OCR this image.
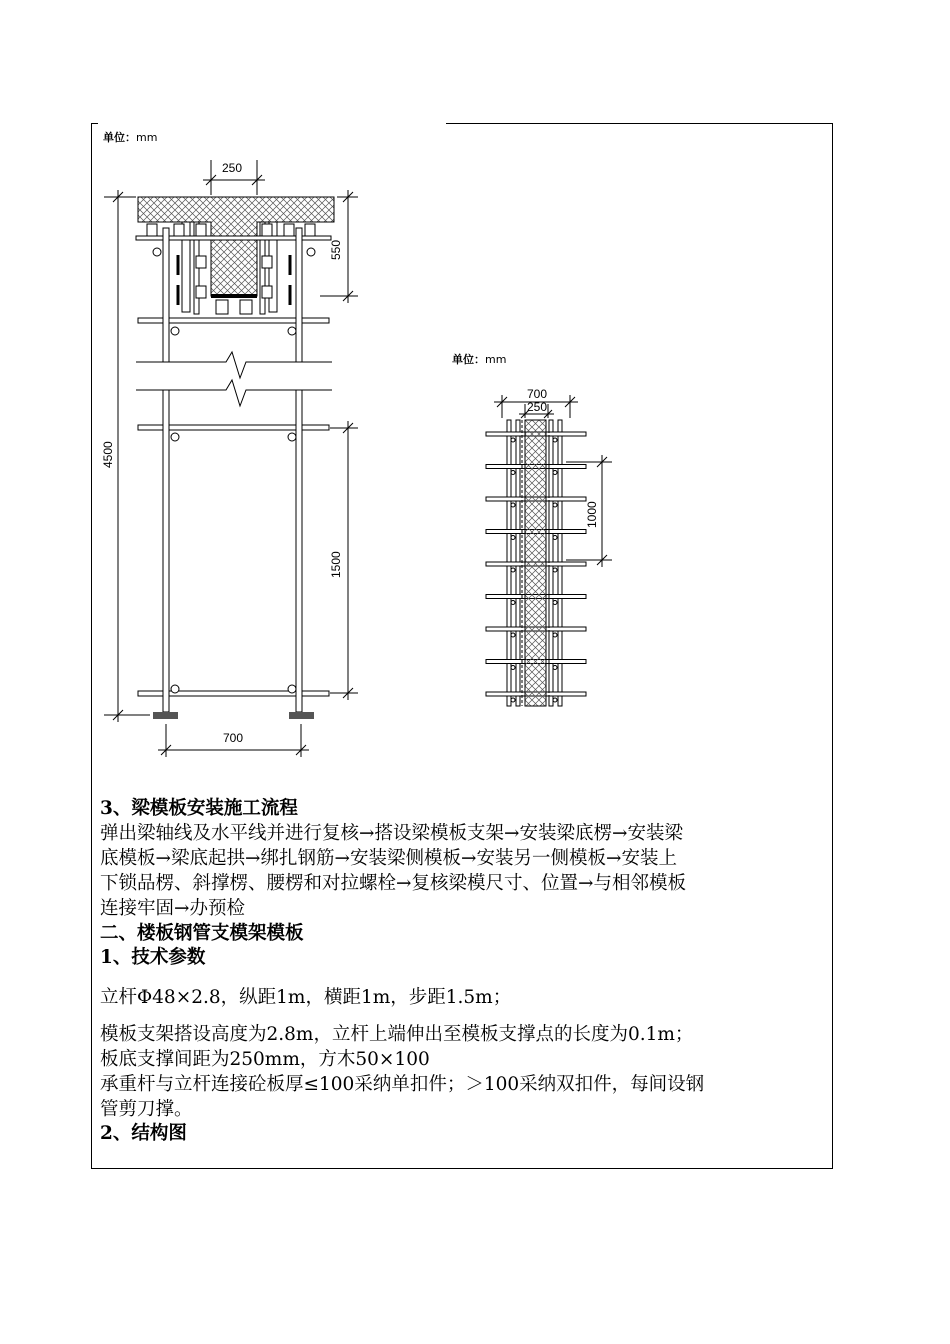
单位：mm
250
550
4500
1500
700
单位：mm
700
250
1000
3、梁模板安装施工流程
弹出梁轴线及水平线并进行复核→搭设梁模板支架→安装梁底楞→安装梁
底模板→梁底起拱→绑扎钢筋→安装梁侧模板→安装另一侧模板→安装上
下锁品楞、斜撑楞、腰楞和对拉螺栓→复核梁模尺寸、位置→与相邻模板
连接牢固→办预检
二、楼板钢管支模架模板
1、技术参数
立杆Φ48×2.8，纵距1m，横距1m，步距1.5m；
模板支架搭设高度为2.8m，立杆上端伸出至模板支撑点的长度为0.1m；
板底支撑间距为250mm，方木50×100
承重杆与立杆连接砼板厚≤100采纳单扣件；＞100采纳双扣件，每间设钢
管剪刀撑。
2、结构图
